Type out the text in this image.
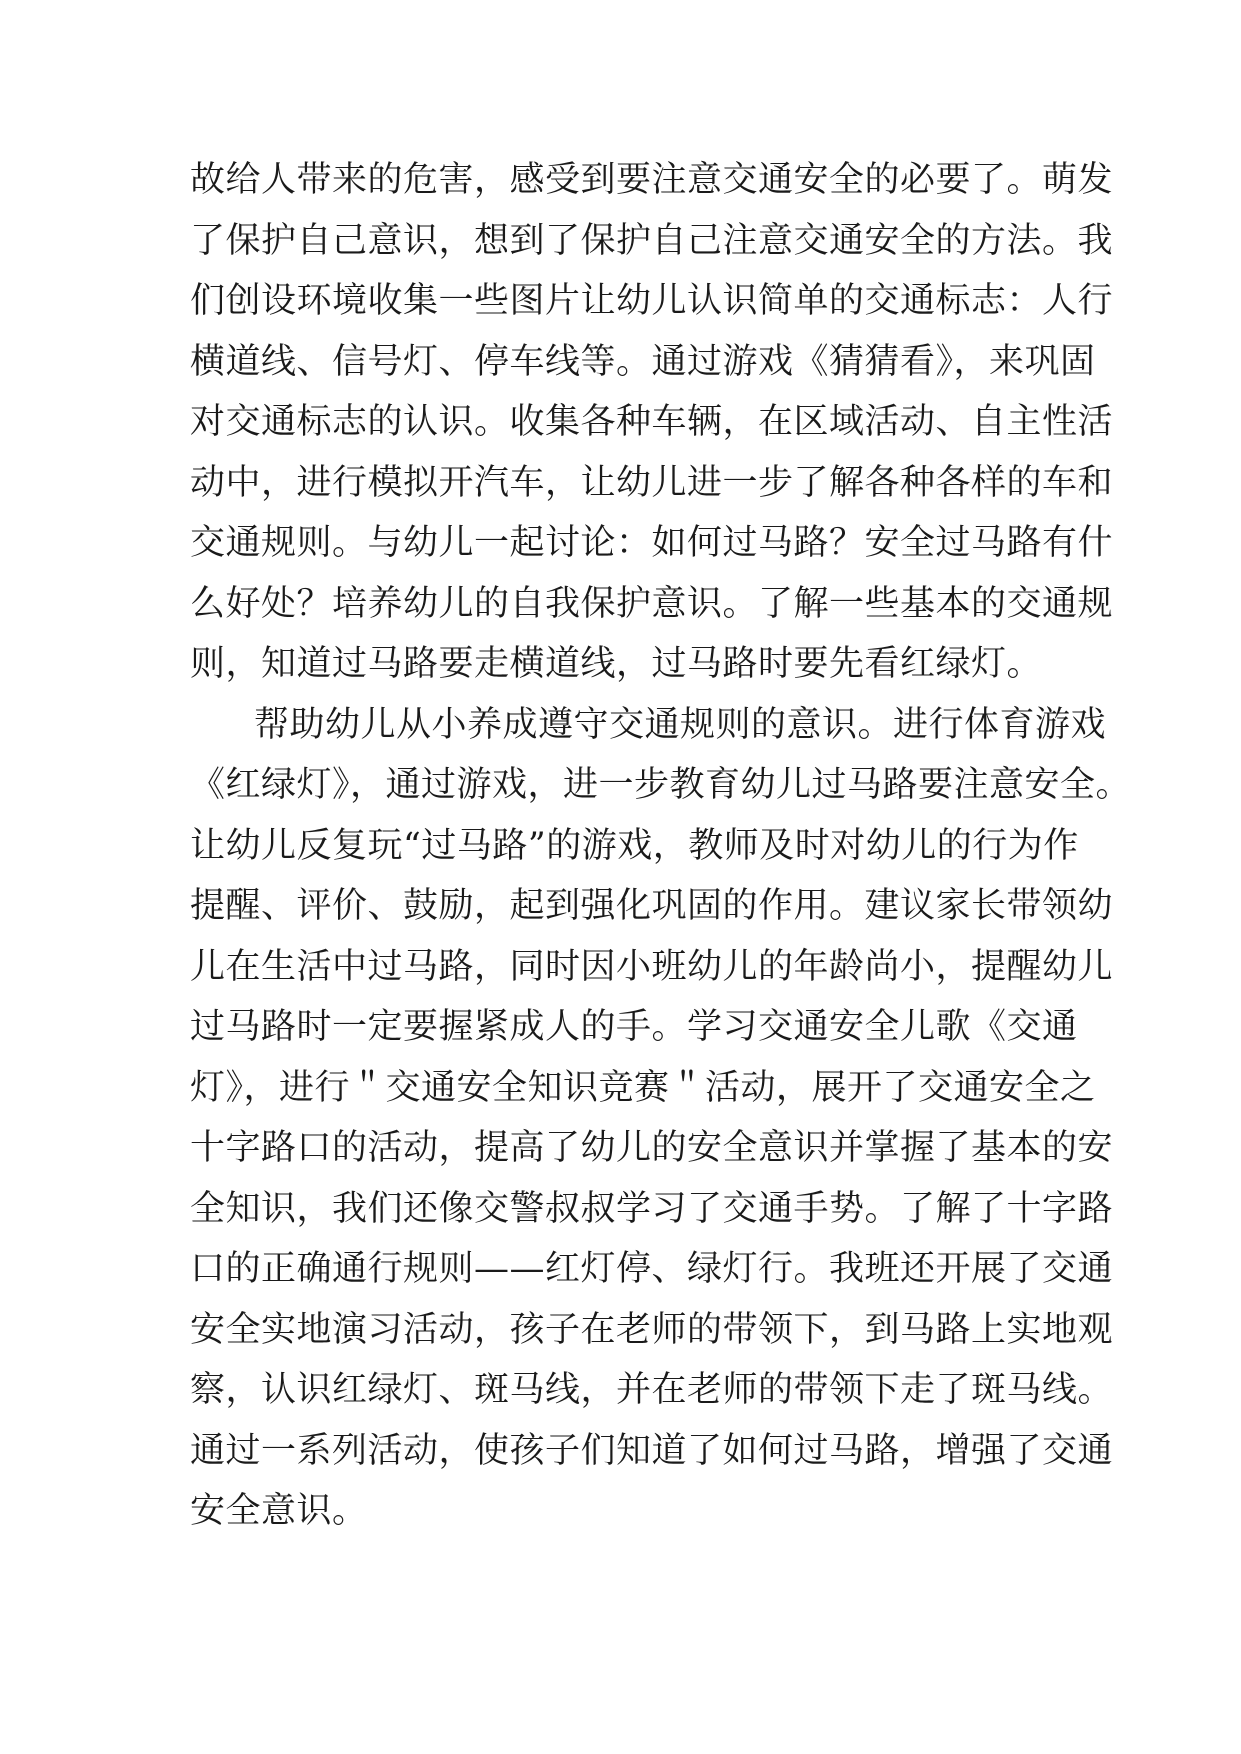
故给人带来的危害，感受到要注意交通安全的必要了。萌发
了保护自己意识，想到了保护自己注意交通安全的方法。我
们创设环境收集一些图片让幼儿认识简单的交通标志：人行
横道线、信号灯、停车线等。通过游戏《猜猜看》，来巩固
对交通标志的认识。收集各种车辆，在区域活动、自主性活
动中，进行模拟开汽车，让幼儿进一步了解各种各样的车和
交通规则。与幼儿一起讨论：如何过马路？安全过马路有什
么好处？培养幼儿的自我保护意识。了解一些基本的交通规
则，知道过马路要走横道线，过马路时要先看红绿灯。
帮助幼儿从小养成遵守交通规则的意识。进行体育游戏
《红绿灯》，通过游戏，进一步教育幼儿过马路要注意安全。
让幼儿反复玩“过马路”的游戏，教师及时对幼儿的行为作
提醒、评价、鼓励，起到强化巩固的作用。建议家长带领幼
儿在生活中过马路，同时因小班幼儿的年龄尚小，提醒幼儿
过马路时一定要握紧成人的手。学习交通安全儿歌《交通
灯》，进行＂交通安全知识竞赛＂活动，展开了交通安全之
十字路口的活动，提高了幼儿的安全意识并掌握了基本的安
全知识，我们还像交警叔叔学习了交通手势。了解了十字路
口的正确通行规则——红灯停、绿灯行。我班还开展了交通
安全实地演习活动，孩子在老师的带领下，到马路上实地观
察，认识红绿灯、斑马线，并在老师的带领下走了斑马线。
通过一系列活动，使孩子们知道了如何过马路，增强了交通
安全意识。
